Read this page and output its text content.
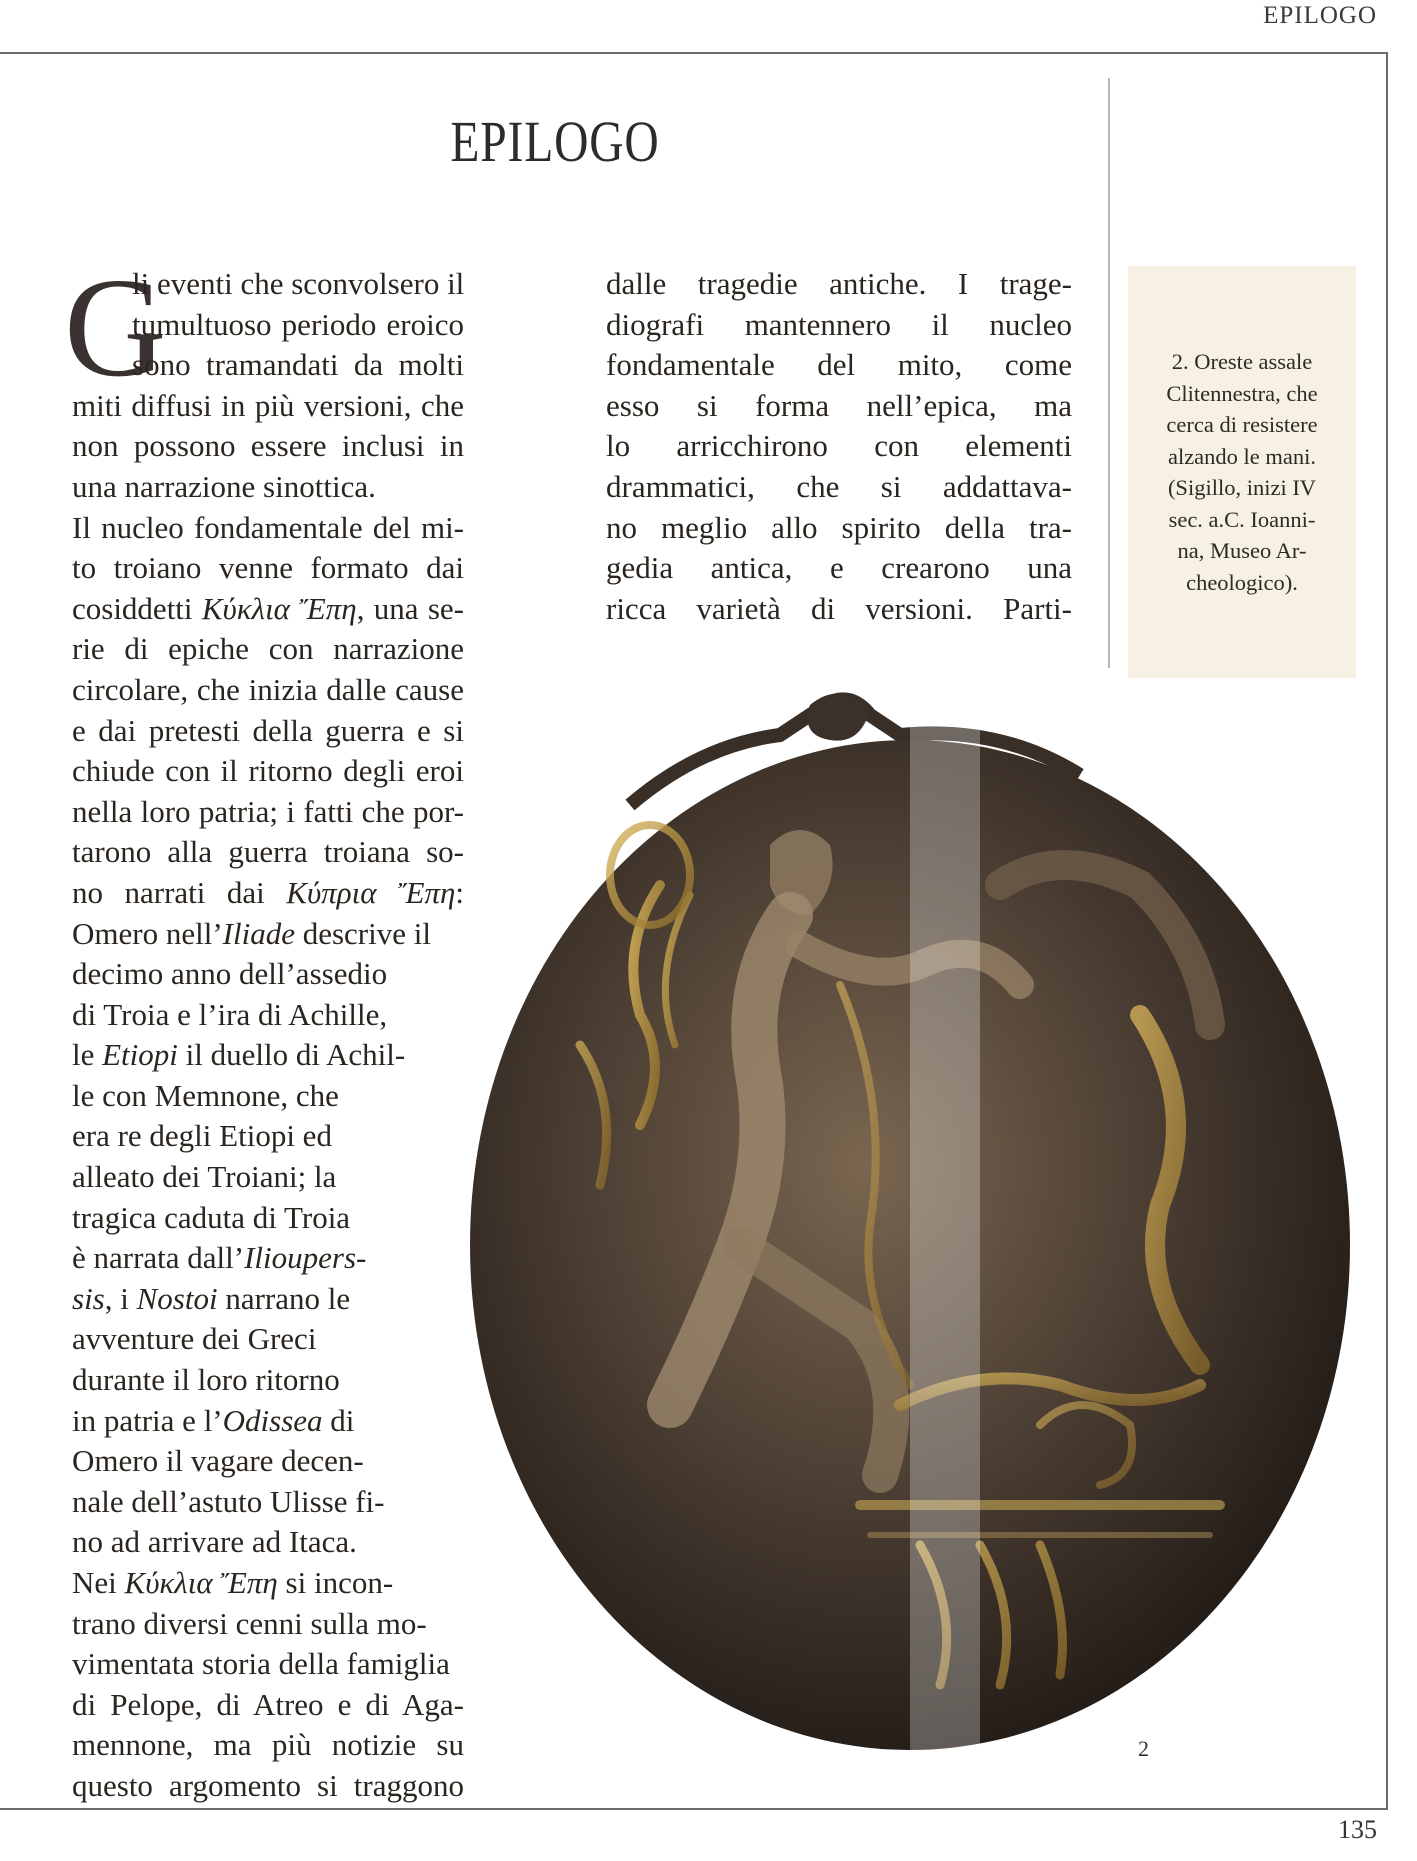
EPILOGO
EPILOGO
G
li eventi che sconvolsero il
tumultuoso periodo eroico
sono tramandati da molti
miti diffusi in più versioni, che
non possono essere inclusi in
una narrazione sinottica.
Il nucleo fondamentale del mi-
to troiano venne formato dai
cosiddetti Κύκλια Ἔπη, una se-
rie di epiche con narrazione
circolare, che inizia dalle cause
e dai pretesti della guerra e si
chiude con il ritorno degli eroi
nella loro patria; i fatti che por-
tarono alla guerra troiana so-
no narrati dai Κύπρια Ἔπη:
Omero nell’Iliade descrive il
decimo anno dell’assedio
di Troia e l’ira di Achille,
le Etiopi il duello di Achil-
le con Memnone, che
era re degli Etiopi ed
alleato dei Troiani; la
tragica caduta di Troia
è narrata dall’Ilioupers-
sis, i Nostoi narrano le
avventure dei Greci
durante il loro ritorno
in patria e l’Odissea di
Omero il vagare decen-
nale dell’astuto Ulisse fi-
no ad arrivare ad Itaca.
Nei Κύκλια Ἔπη si incon-
trano diversi cenni sulla mo-
vimentata storia della famiglia
di Pelope, di Atreo e di Aga-
mennone, ma più notizie su
questo argomento si traggono
dalle tragedie antiche. I trage-
diografi mantennero il nucleo
fondamentale del mito, come
esso si forma nell’epica, ma
lo arricchirono con elementi
drammatici, che si addattava-
no meglio allo spirito della tra-
gedia antica, e crearono una
ricca varietà di versioni. Parti-
2. Oreste assale
Clitennestra, che
cerca di resistere
alzando le mani.
(Sigillo, inizi IV
sec. a.C. Ioanni-
na, Museo Ar-
cheologico).
2
135
